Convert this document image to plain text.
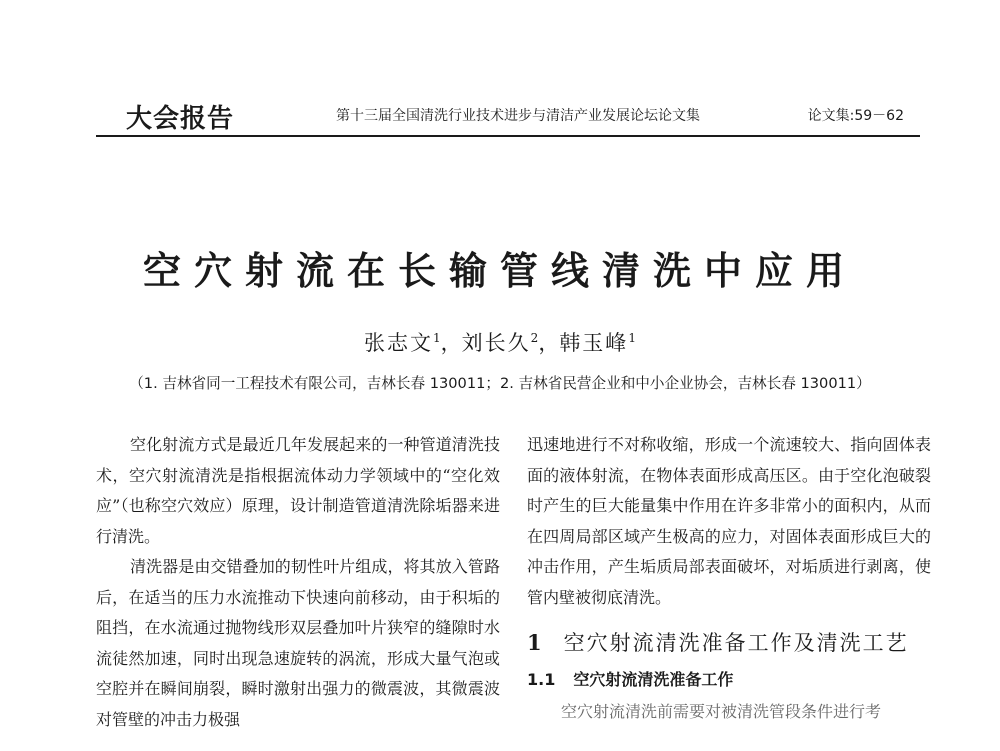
大会报告	第十三届全国清洗行业技术进步与清洁产业发展论坛论文集	论文集:59－62
空穴射流在长输管线清洗中应用
张志文$^1$，刘长久$^2$，韩玉峰$^1$
（1. 吉林省同一工程技术有限公司，吉林长春 130011；2. 吉林省民营企业和中小企业协会，吉林长春 130011）

空化射流方式是最近几年发展起来的一种管道清洗技术，空穴射流清洗是指根据流体动力学领域中的“空化效应”（也称空穴效应）原理，设计制造管道清洗除垢器来进行清洗。

清洗器是由交错叠加的韧性叶片组成，将其放入管路后，在适当的压力水流推动下快速向前移动，由于积垢的阻挡，在水流通过抛物线形双层叠加叶片狭窄的缝隙时水流徒然加速，同时出现急速旋转的涡流，形成大量气泡或空腔并在瞬间崩裂，瞬时激射出强力的微震波，其微震波对管壁的冲击力极强

迅速地进行不对称收缩，形成一个流速较大、指向固体表面的液体射流，在物体表面形成高压区。由于空化泡破裂时产生的巨大能量集中作用在许多非常小的面积内，从而在四周局部区域产生极高的应力，对固体表面形成巨大的冲击作用，产生垢质局部表面破坏，对垢质进行剥离，使管内壁被彻底清洗。

1 空穴射流清洗准备工作及清洗工艺
1.1 空穴射流清洗准备工作

空穴射流清洗前需要对被清洗管段条件进行考
